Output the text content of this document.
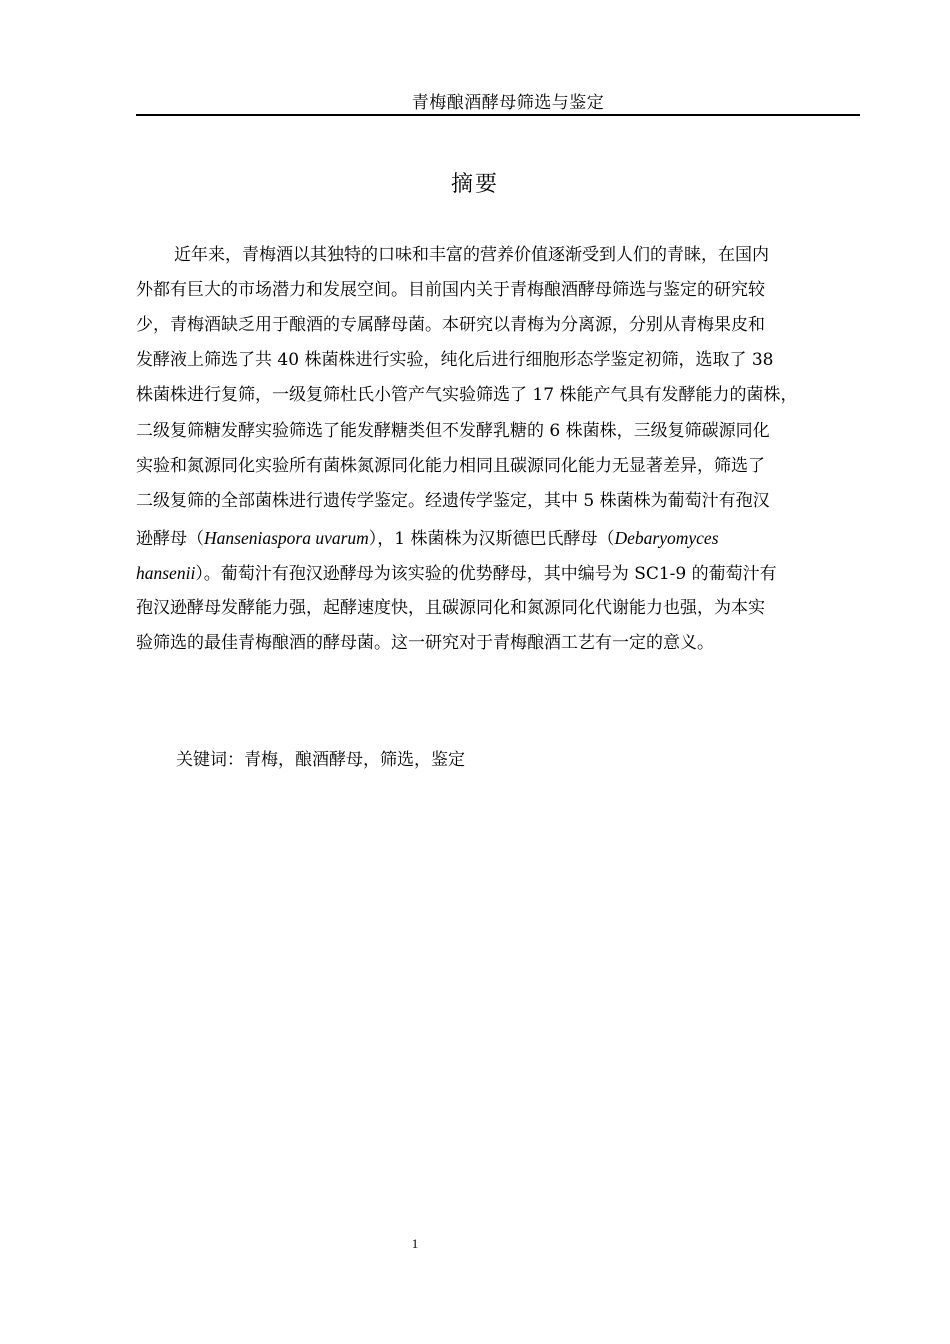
青梅酿酒酵母筛选与鉴定
摘要
近年来，青梅酒以其独特的口味和丰富的营养价值逐渐受到人们的青睐，在国内
外都有巨大的市场潜力和发展空间。目前国内关于青梅酿酒酵母筛选与鉴定的研究较
少，青梅酒缺乏用于酿酒的专属酵母菌。本研究以青梅为分离源，分别从青梅果皮和
发酵液上筛选了共 40 株菌株进行实验，纯化后进行细胞形态学鉴定初筛，选取了 38
株菌株进行复筛，一级复筛杜氏小管产气实验筛选了 17 株能产气具有发酵能力的菌株，
二级复筛糖发酵实验筛选了能发酵糖类但不发酵乳糖的 6 株菌株，三级复筛碳源同化
实验和氮源同化实验所有菌株氮源同化能力相同且碳源同化能力无显著差异，筛选了
二级复筛的全部菌株进行遗传学鉴定。经遗传学鉴定，其中 5 株菌株为葡萄汁有孢汉
逊酵母（Hanseniaspora uvarum），1 株菌株为汉斯德巴氏酵母（Debaryomyces
hansenii）。葡萄汁有孢汉逊酵母为该实验的优势酵母，其中编号为 SC1-9 的葡萄汁有
孢汉逊酵母发酵能力强，起酵速度快，且碳源同化和氮源同化代谢能力也强，为本实
验筛选的最佳青梅酿酒的酵母菌。这一研究对于青梅酿酒工艺有一定的意义。
关键词：青梅，酿酒酵母，筛选，鉴定
1
